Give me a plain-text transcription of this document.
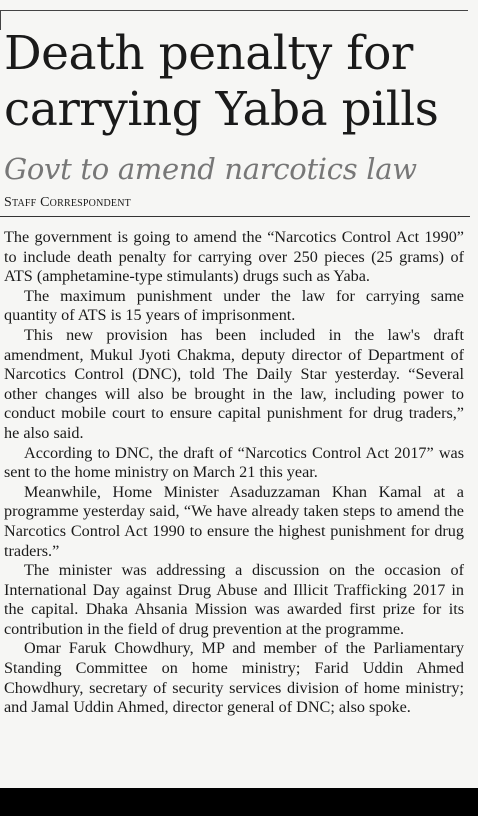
Death penalty for carrying Yaba pills
Govt to amend narcotics law
Staff Correspondent

The government is going to amend the “Narcotics Control Act 1990” to include death penalty for carrying over 250 pieces (25 grams) of ATS (amphetamine-type stimulants) drugs such as Yaba.

The maximum punishment under the law for carrying same quantity of ATS is 15 years of imprisonment.

This new provision has been included in the law's draft amendment, Mukul Jyoti Chakma, deputy director of Department of Narcotics Control (DNC), told The Daily Star yesterday. “Several other changes will also be brought in the law, including power to conduct mobile court to ensure capital punishment for drug traders,” he also said.

According to DNC, the draft of “Narcotics Control Act 2017” was sent to the home ministry on March 21 this year.

Meanwhile, Home Minister Asaduzzaman Khan Kamal at a programme yesterday said, “We have already taken steps to amend the Narcotics Control Act 1990 to ensure the highest punishment for drug traders.”

The minister was addressing a discussion on the occasion of International Day against Drug Abuse and Illicit Trafficking 2017 in the capital. Dhaka Ahsania Mission was awarded first prize for its contribution in the field of drug prevention at the programme.

Omar Faruk Chowdhury, MP and member of the Parliamentary Standing Committee on home ministry; Farid Uddin Ahmed Chowdhury, secretary of security services division of home ministry; and Jamal Uddin Ahmed, director general of DNC; also spoke.
